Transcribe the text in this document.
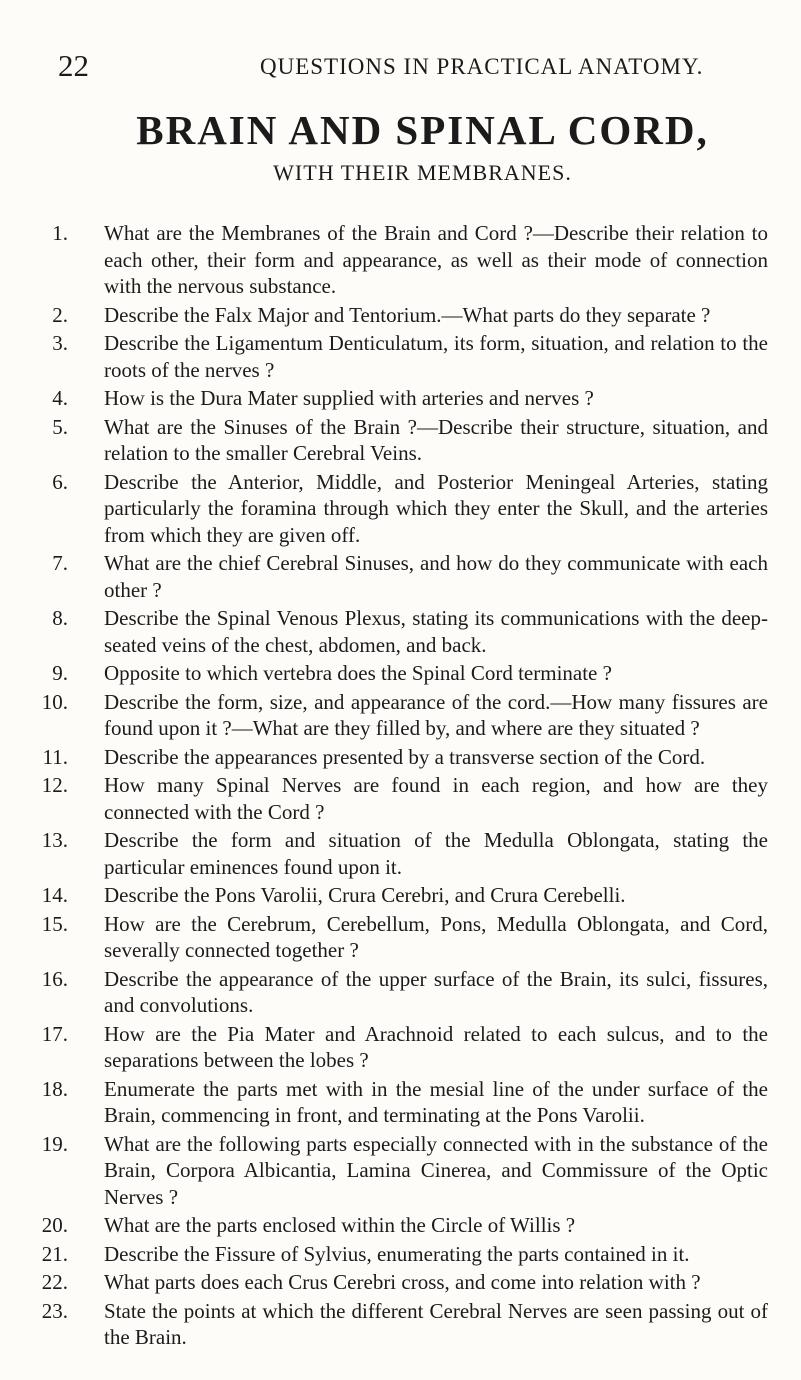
22	QUESTIONS IN PRACTICAL ANATOMY.
BRAIN AND SPINAL CORD,
WITH THEIR MEMBRANES.
1. What are the Membranes of the Brain and Cord ?—Describe their relation to each other, their form and appearance, as well as their mode of connection with the nervous substance.
2. Describe the Falx Major and Tentorium.—What parts do they separate ?
3. Describe the Ligamentum Denticulatum, its form, situation, and relation to the roots of the nerves ?
4. How is the Dura Mater supplied with arteries and nerves ?
5. What are the Sinuses of the Brain ?—Describe their structure, situation, and relation to the smaller Cerebral Veins.
6. Describe the Anterior, Middle, and Posterior Meningeal Arteries, stating particularly the foramina through which they enter the Skull, and the arteries from which they are given off.
7. What are the chief Cerebral Sinuses, and how do they communicate with each other ?
8. Describe the Spinal Venous Plexus, stating its communications with the deep-seated veins of the chest, abdomen, and back.
9. Opposite to which vertebra does the Spinal Cord terminate ?
10. Describe the form, size, and appearance of the cord.—How many fissures are found upon it ?—What are they filled by, and where are they situated ?
11. Describe the appearances presented by a transverse section of the Cord.
12. How many Spinal Nerves are found in each region, and how are they connected with the Cord ?
13. Describe the form and situation of the Medulla Oblongata, stating the particular eminences found upon it.
14. Describe the Pons Varolii, Crura Cerebri, and Crura Cerebelli.
15. How are the Cerebrum, Cerebellum, Pons, Medulla Oblongata, and Cord, severally connected together ?
16. Describe the appearance of the upper surface of the Brain, its sulci, fissures, and convolutions.
17. How are the Pia Mater and Arachnoid related to each sulcus, and to the separations between the lobes ?
18. Enumerate the parts met with in the mesial line of the under surface of the Brain, commencing in front, and terminating at the Pons Varolii.
19. What are the following parts especially connected with in the substance of the Brain, Corpora Albicantia, Lamina Cinerea, and Commissure of the Optic Nerves ?
20. What are the parts enclosed within the Circle of Willis ?
21. Describe the Fissure of Sylvius, enumerating the parts contained in it.
22. What parts does each Crus Cerebri cross, and come into relation with ?
23. State the points at which the different Cerebral Nerves are seen passing out of the Brain.
